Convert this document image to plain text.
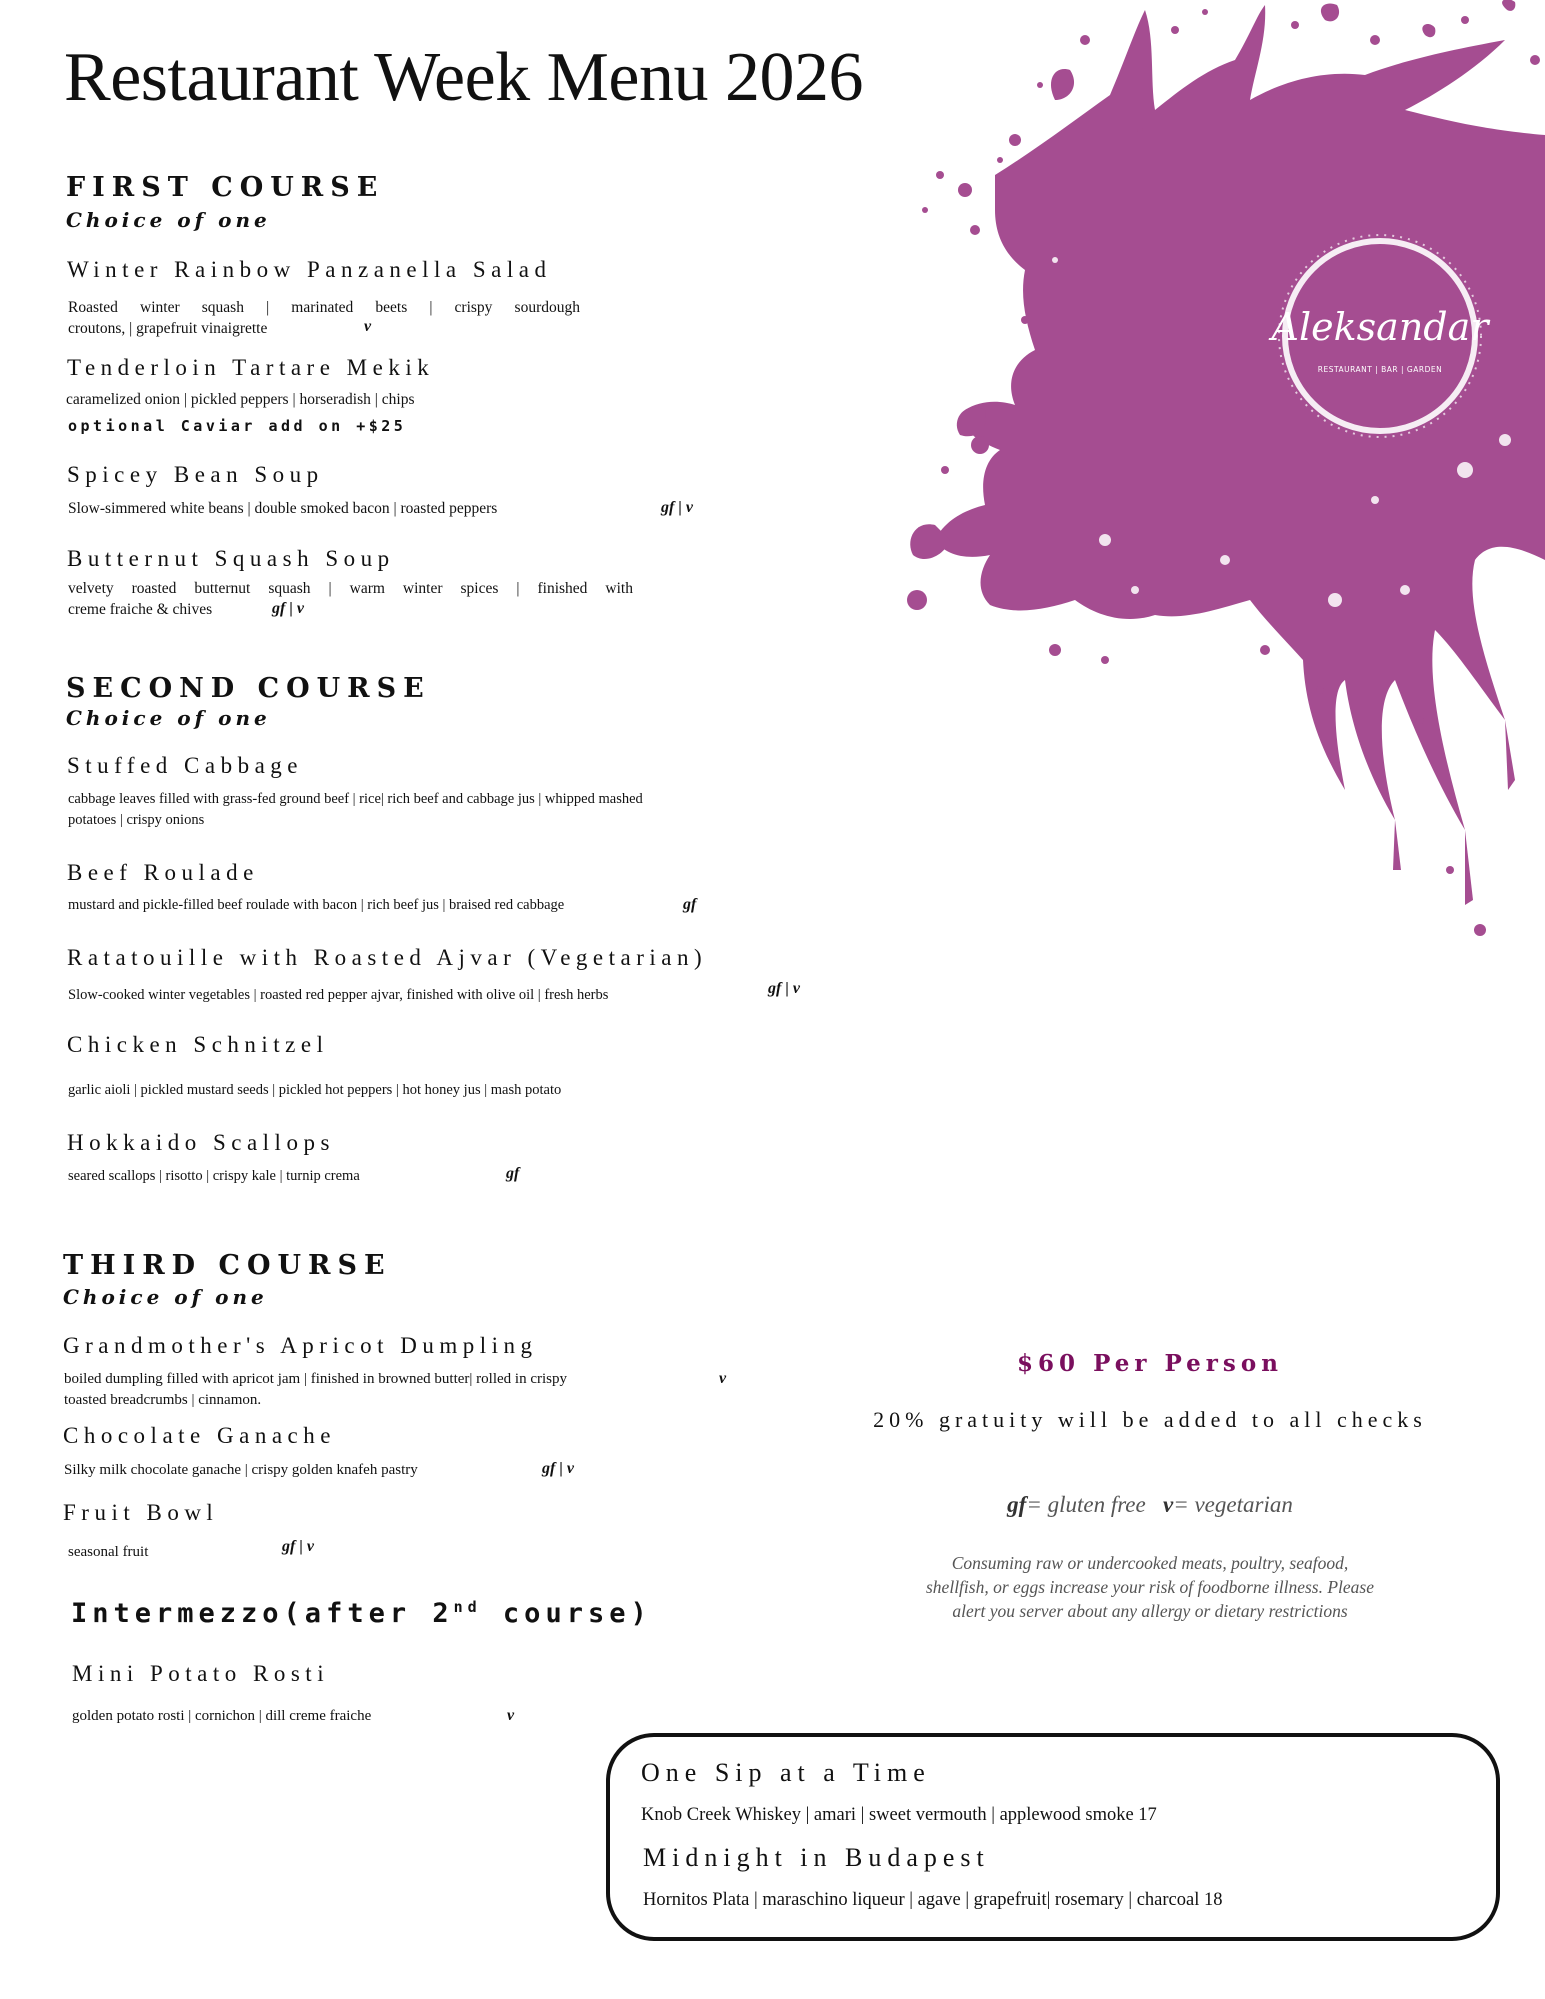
Restaurant Week Menu 2026
Aleksandar
RESTAURANT | BAR | GARDEN
FIRST COURSE
Choice of one
Winter Rainbow Panzanella Salad
Roasted winter squash | marinated beets | crispy sourdough
croutons, | grapefruit vinaigrette	v
Tenderloin Tartare Mekik
caramelized onion | pickled peppers | horseradish | chips
optional Caviar add on +$25
Spicey Bean Soup
Slow-simmered white beans | double smoked bacon | roasted peppers	gf | v
Butternut Squash Soup
velvety roasted butternut squash | warm winter spices | finished with
creme fraiche & chives	gf | v
SECOND COURSE
Choice of one
Stuffed Cabbage
cabbage leaves filled with grass-fed ground beef | rice| rich beef and cabbage jus | whipped mashed
potatoes | crispy onions
Beef Roulade
mustard and pickle-filled beef roulade with bacon | rich beef jus | braised red cabbage	gf
Ratatouille with Roasted Ajvar (Vegetarian)
Slow-cooked winter vegetables | roasted red pepper ajvar, finished with olive oil | fresh herbs	gf | v
Chicken Schnitzel
garlic aioli | pickled mustard seeds | pickled hot peppers | hot honey jus | mash potato
Hokkaido Scallops
seared scallops | risotto | crispy kale | turnip crema	gf
THIRD COURSE
Choice of one
Grandmother's Apricot Dumpling
boiled dumpling filled with apricot jam | finished in browned butter| rolled in crispy
toasted breadcrumbs | cinnamon.
v
Chocolate Ganache
Silky milk chocolate ganache | crispy golden knafeh pastry	gf | v
Fruit Bowl
seasonal fruit	gf | v
Intermezzo(after 2nd course)
Mini Potato Rosti
golden potato rosti | cornichon | dill creme fraiche	v
$60 Per Person
20% gratuity will be added to all checks
gf= gluten free v= vegetarian
Consuming raw or undercooked meats, poultry, seafood,
shellfish, or eggs increase your risk of foodborne illness. Please
alert you server about any allergy or dietary restrictions
One Sip at a Time
Knob Creek Whiskey | amari | sweet vermouth | applewood smoke 17
Midnight in Budapest
Hornitos Plata | maraschino liqueur | agave | grapefruit| rosemary | charcoal 18
